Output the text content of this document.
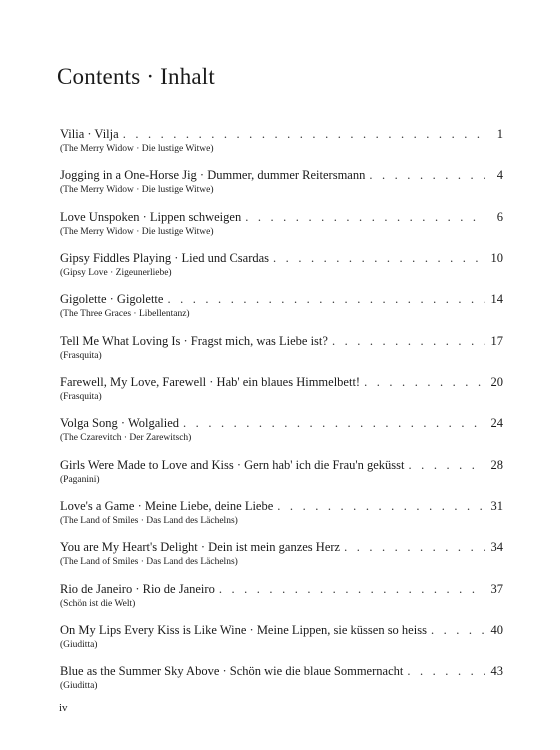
Contents · Inhalt
Vilia · Vilja . . .	1
(The Merry Widow · Die lustige Witwe)
Jogging in a One-Horse Jig · Dummer, dummer Reitersmann . . .	4
(The Merry Widow · Die lustige Witwe)
Love Unspoken · Lippen schweigen . . .	6
(The Merry Widow · Die lustige Witwe)
Gipsy Fiddles Playing · Lied und Csardas . . .	10
(Gipsy Love · Zigeunerliebe)
Gigolette · Gigolette . . .	14
(The Three Graces · Libellentanz)
Tell Me What Loving Is · Fragst mich, was Liebe ist? . . .	17
(Frasquita)
Farewell, My Love, Farewell · Hab' ein blaues Himmelbett! . . .	20
(Frasquita)
Volga Song · Wolgalied . . .	24
(The Czarevitch · Der Zarewitsch)
Girls Were Made to Love and Kiss · Gern hab' ich die Frau'n geküsst . . .	28
(Paganini)
Love's a Game · Meine Liebe, deine Liebe . . .	31
(The Land of Smiles · Das Land des Lächelns)
You are My Heart's Delight · Dein ist mein ganzes Herz . . .	34
(The Land of Smiles · Das Land des Lächelns)
Rio de Janeiro · Rio de Janeiro . . .	37
(Schön ist die Welt)
On My Lips Every Kiss is Like Wine · Meine Lippen, sie küssen so heiss . . .	40
(Giuditta)
Blue as the Summer Sky Above · Schön wie die blaue Sommernacht . . .	43
(Giuditta)
iv
